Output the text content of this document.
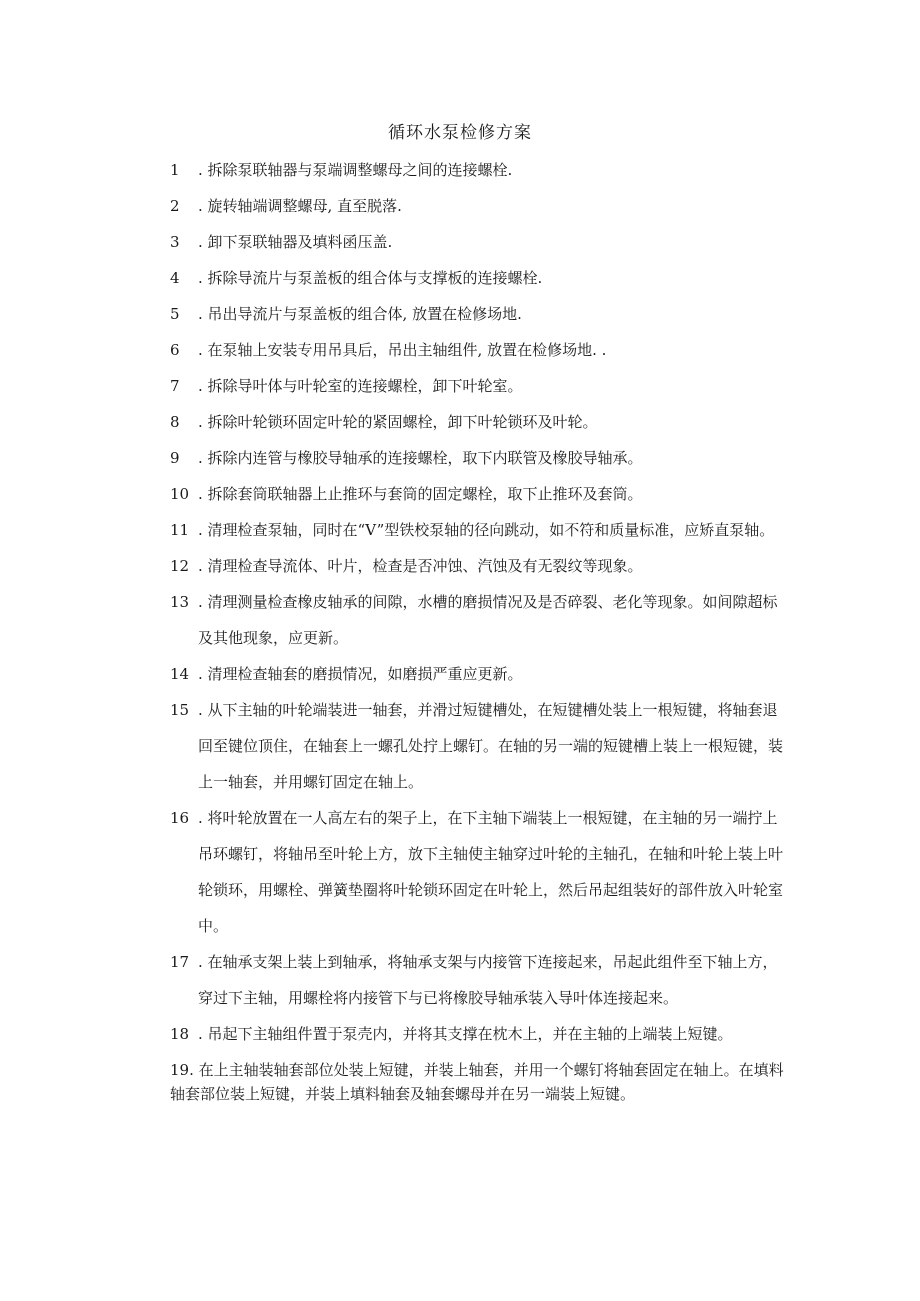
循环水泵检修方案
1 . 拆除泵联轴器与泵端调整螺母之间的连接螺栓.
2 . 旋转轴端调整螺母, 直至脱落.
3 . 卸下泵联轴器及填料函压盖.
4 . 拆除导流片与泵盖板的组合体与支撑板的连接螺栓.
5 . 吊出导流片与泵盖板的组合体, 放置在检修场地.
6 . 在泵轴上安装专用吊具后，吊出主轴组件, 放置在检修场地. .
7 . 拆除导叶体与叶轮室的连接螺栓，卸下叶轮室。
8 . 拆除叶轮锁环固定叶轮的紧固螺栓，卸下叶轮锁环及叶轮。
9 . 拆除内连管与橡胶导轴承的连接螺栓，取下内联管及橡胶导轴承。
10 . 拆除套筒联轴器上止推环与套筒的固定螺栓，取下止推环及套筒。
11 . 清理检查泵轴，同时在“V”型铁校泵轴的径向跳动，如不符和质量标准，应矫直泵轴。
12 . 清理检查导流体、叶片，检查是否冲蚀、汽蚀及有无裂纹等现象。
13 . 清理测量检查橡皮轴承的间隙，水槽的磨损情况及是否碎裂、老化等现象。如间隙超标及其他现象，应更新。
14 . 清理检查轴套的磨损情况，如磨损严重应更新。
15 . 从下主轴的叶轮端装进一轴套，并滑过短键槽处，在短键槽处装上一根短键，将轴套退回至键位顶住，在轴套上一螺孔处拧上螺钉。在轴的另一端的短键槽上装上一根短键，装上一轴套，并用螺钉固定在轴上。
16 . 将叶轮放置在一人高左右的架子上，在下主轴下端装上一根短键，在主轴的另一端拧上吊环螺钉，将轴吊至叶轮上方，放下主轴使主轴穿过叶轮的主轴孔，在轴和叶轮上装上叶轮锁环，用螺栓、弹簧垫圈将叶轮锁环固定在叶轮上，然后吊起组装好的部件放入叶轮室中。
17 . 在轴承支架上装上到轴承，将轴承支架与内接管下连接起来，吊起此组件至下轴上方，穿过下主轴，用螺栓将内接管下与已将橡胶导轴承装入导叶体连接起来。
18 . 吊起下主轴组件置于泵壳内，并将其支撑在枕木上，并在主轴的上端装上短键。
19. 在上主轴装轴套部位处装上短键，并装上轴套，并用一个螺钉将轴套固定在轴上。在填料轴套部位装上短键，并装上填料轴套及轴套螺母并在另一端装上短键。
